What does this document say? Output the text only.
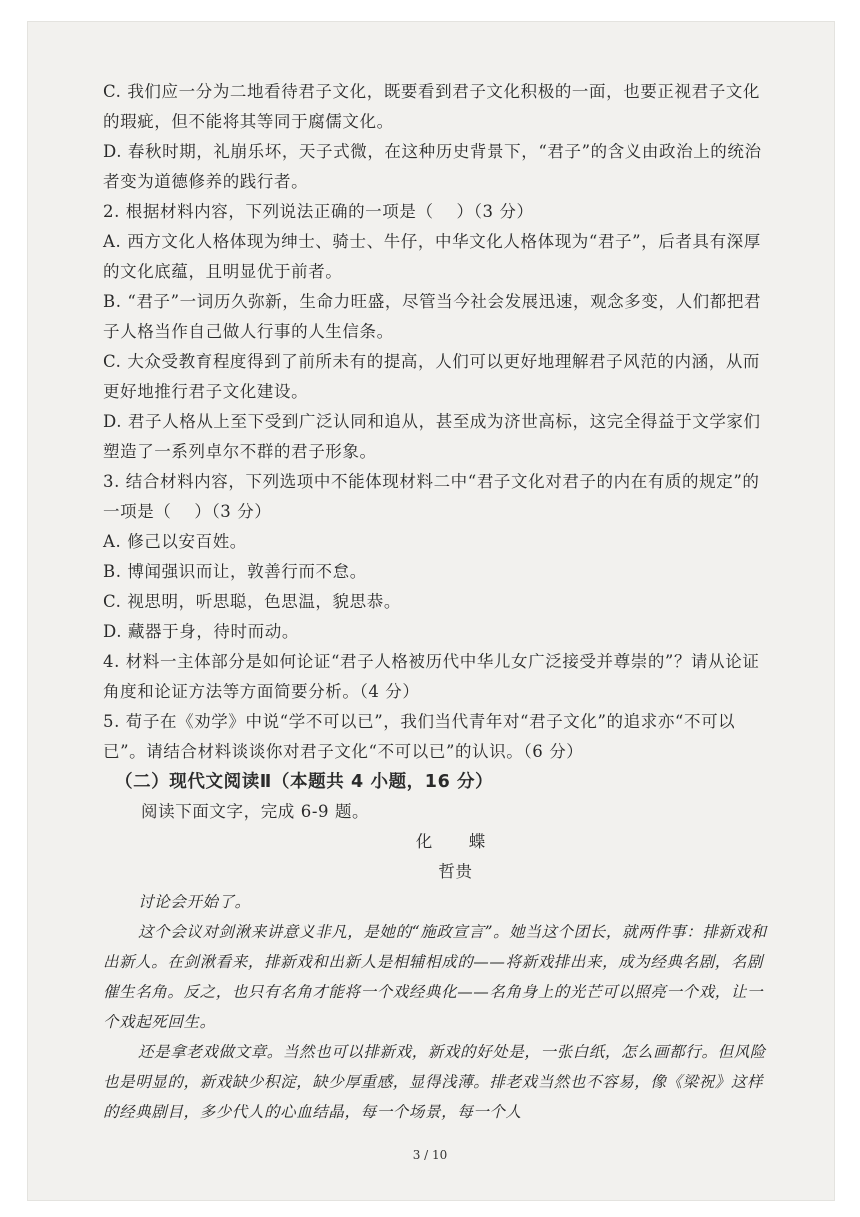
C. 我们应一分为二地看待君子文化，既要看到君子文化积极的一面，也要正视君子文化的瑕疵，但不能将其等同于腐儒文化。

D. 春秋时期，礼崩乐坏，天子式微，在这种历史背景下，“君子”的含义由政治上的统治者变为道德修养的践行者。

2. 根据材料内容，下列说法正确的一项是（　 ）（3 分）

A. 西方文化人格体现为绅士、骑士、牛仔，中华文化人格体现为“君子”，后者具有深厚的文化底蕴，且明显优于前者。

B. “君子”一词历久弥新，生命力旺盛，尽管当今社会发展迅速，观念多变，人们都把君子人格当作自己做人行事的人生信条。

C. 大众受教育程度得到了前所未有的提高，人们可以更好地理解君子风范的内涵，从而更好地推行君子文化建设。

D. 君子人格从上至下受到广泛认同和追从，甚至成为济世高标，这完全得益于文学家们塑造了一系列卓尔不群的君子形象。

3. 结合材料内容，下列选项中不能体现材料二中“君子文化对君子的内在有质的规定”的一项是（　 ）（3 分）

A. 修己以安百姓。

B. 博闻强识而让，敦善行而不怠。

C. 视思明，听思聪，色思温，貌思恭。

D. 藏器于身，待时而动。

4. 材料一主体部分是如何论证“君子人格被历代中华儿女广泛接受并尊崇的”？请从论证角度和论证方法等方面简要分析。（4 分）

5. 荀子在《劝学》中说“学不可以已”，我们当代青年对“君子文化”的追求亦“不可以已”。请结合材料谈谈你对君子文化“不可以已”的认识。（6 分）

（二）现代文阅读Ⅱ（本题共 4 小题，16 分）

阅读下面文字，完成 6-9 题。

化　蝶

哲贵

讨论会开始了。

这个会议对剑湫来讲意义非凡，是她的“施政宣言”。她当这个团长，就两件事：排新戏和出新人。在剑湫看来，排新戏和出新人是相辅相成的——将新戏排出来，成为经典名剧，名剧催生名角。反之，也只有名角才能将一个戏经典化——名角身上的光芒可以照亮一个戏，让一个戏起死回生。

还是拿老戏做文章。当然也可以排新戏，新戏的好处是，一张白纸，怎么画都行。但风险也是明显的，新戏缺少积淀，缺少厚重感，显得浅薄。排老戏当然也不容易，像《梁祝》这样的经典剧目，多少代人的心血结晶，每一个场景，每一个人

3 / 10
